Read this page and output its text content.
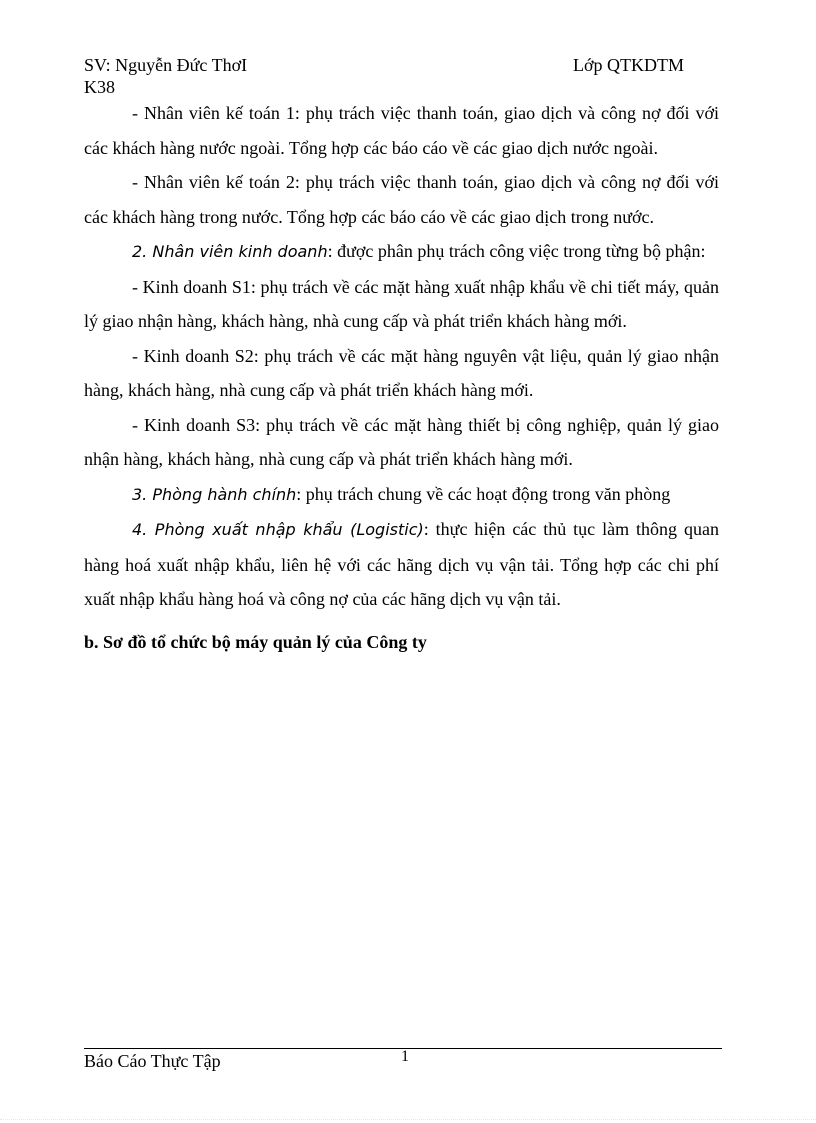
SV: Nguyễn Đức ThơI
K38
Lớp QTKDTM

- Nhân viên kế toán 1: phụ trách việc thanh toán, giao dịch và công nợ đối với các khách hàng nước ngoài. Tổng hợp các báo cáo về các giao dịch nước ngoài.

- Nhân viên kế toán 2: phụ trách việc thanh toán, giao dịch và công nợ đối với các khách hàng trong nước. Tổng hợp các báo cáo về các giao dịch trong nước.

2. Nhân viên kinh doanh: được phân phụ trách công việc trong từng bộ phận:

- Kinh doanh S1: phụ trách về các mặt hàng xuất nhập khẩu về chi tiết máy, quản lý giao nhận hàng, khách hàng, nhà cung cấp và phát triển khách hàng mới.

- Kinh doanh S2: phụ trách về các mặt hàng nguyên vật liệu, quản lý giao nhận hàng, khách hàng, nhà cung cấp và phát triển khách hàng mới.

- Kinh doanh S3: phụ trách về các mặt hàng thiết bị công nghiệp, quản lý giao nhận hàng, khách hàng, nhà cung cấp và phát triển khách hàng mới.

3. Phòng hành chính: phụ trách chung về các hoạt động trong văn phòng

4. Phòng xuất nhập khẩu (Logistic): thực hiện các thủ tục làm thông quan hàng hoá xuất nhập khẩu, liên hệ với các hãng dịch vụ vận tải. Tổng hợp các chi phí xuất nhập khẩu hàng hoá và công nợ của các hãng dịch vụ vận tải.

b. Sơ đồ tổ chức bộ máy quản lý của Công ty
Báo Cáo Thực Tập	1
